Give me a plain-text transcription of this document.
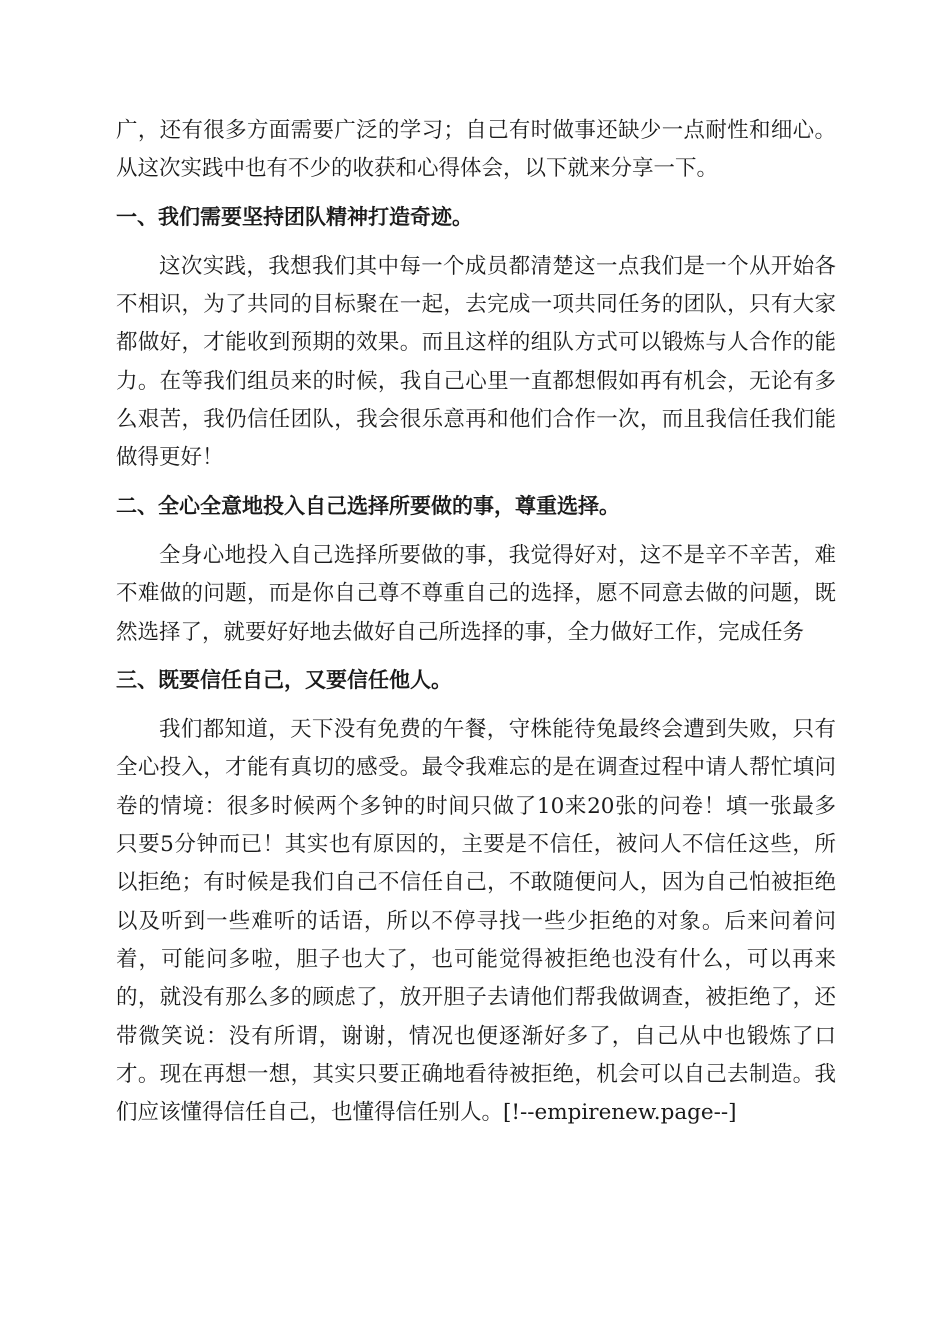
广，还有很多方面需要广泛的学习；自己有时做事还缺少一点耐性和细心。从这次实践中也有不少的收获和心得体会，以下就来分享一下。

一、我们需要坚持团队精神打造奇迹。

这次实践，我想我们其中每一个成员都清楚这一点我们是一个从开始各不相识，为了共同的目标聚在一起，去完成一项共同任务的团队，只有大家都做好，才能收到预期的效果。而且这样的组队方式可以锻炼与人合作的能力。在等我们组员来的时候，我自己心里一直都想假如再有机会，无论有多么艰苦，我仍信任团队，我会很乐意再和他们合作一次，而且我信任我们能做得更好！

二、全心全意地投入自己选择所要做的事，尊重选择。

全身心地投入自己选择所要做的事，我觉得好对，这不是辛不辛苦，难不难做的问题，而是你自己尊不尊重自己的选择，愿不同意去做的问题，既然选择了，就要好好地去做好自己所选择的事，全力做好工作，完成任务

三、既要信任自己，又要信任他人。

我们都知道，天下没有免费的午餐，守株能待兔最终会遭到失败，只有全心投入，才能有真切的感受。最令我难忘的是在调查过程中请人帮忙填问卷的情境：很多时候两个多钟的时间只做了10来20张的问卷！填一张最多只要5分钟而已！其实也有原因的，主要是不信任，被问人不信任这些，所以拒绝；有时候是我们自己不信任自己，不敢随便问人，因为自己怕被拒绝以及听到一些难听的话语，所以不停寻找一些少拒绝的对象。后来问着问着，可能问多啦，胆子也大了，也可能觉得被拒绝也没有什么，可以再来的，就没有那么多的顾虑了，放开胆子去请他们帮我做调查，被拒绝了，还带微笑说：没有所谓，谢谢，情况也便逐渐好多了，自己从中也锻炼了口才。现在再想一想，其实只要正确地看待被拒绝，机会可以自己去制造。我们应该懂得信任自己，也懂得信任别人。[!--empirenew.page--]
